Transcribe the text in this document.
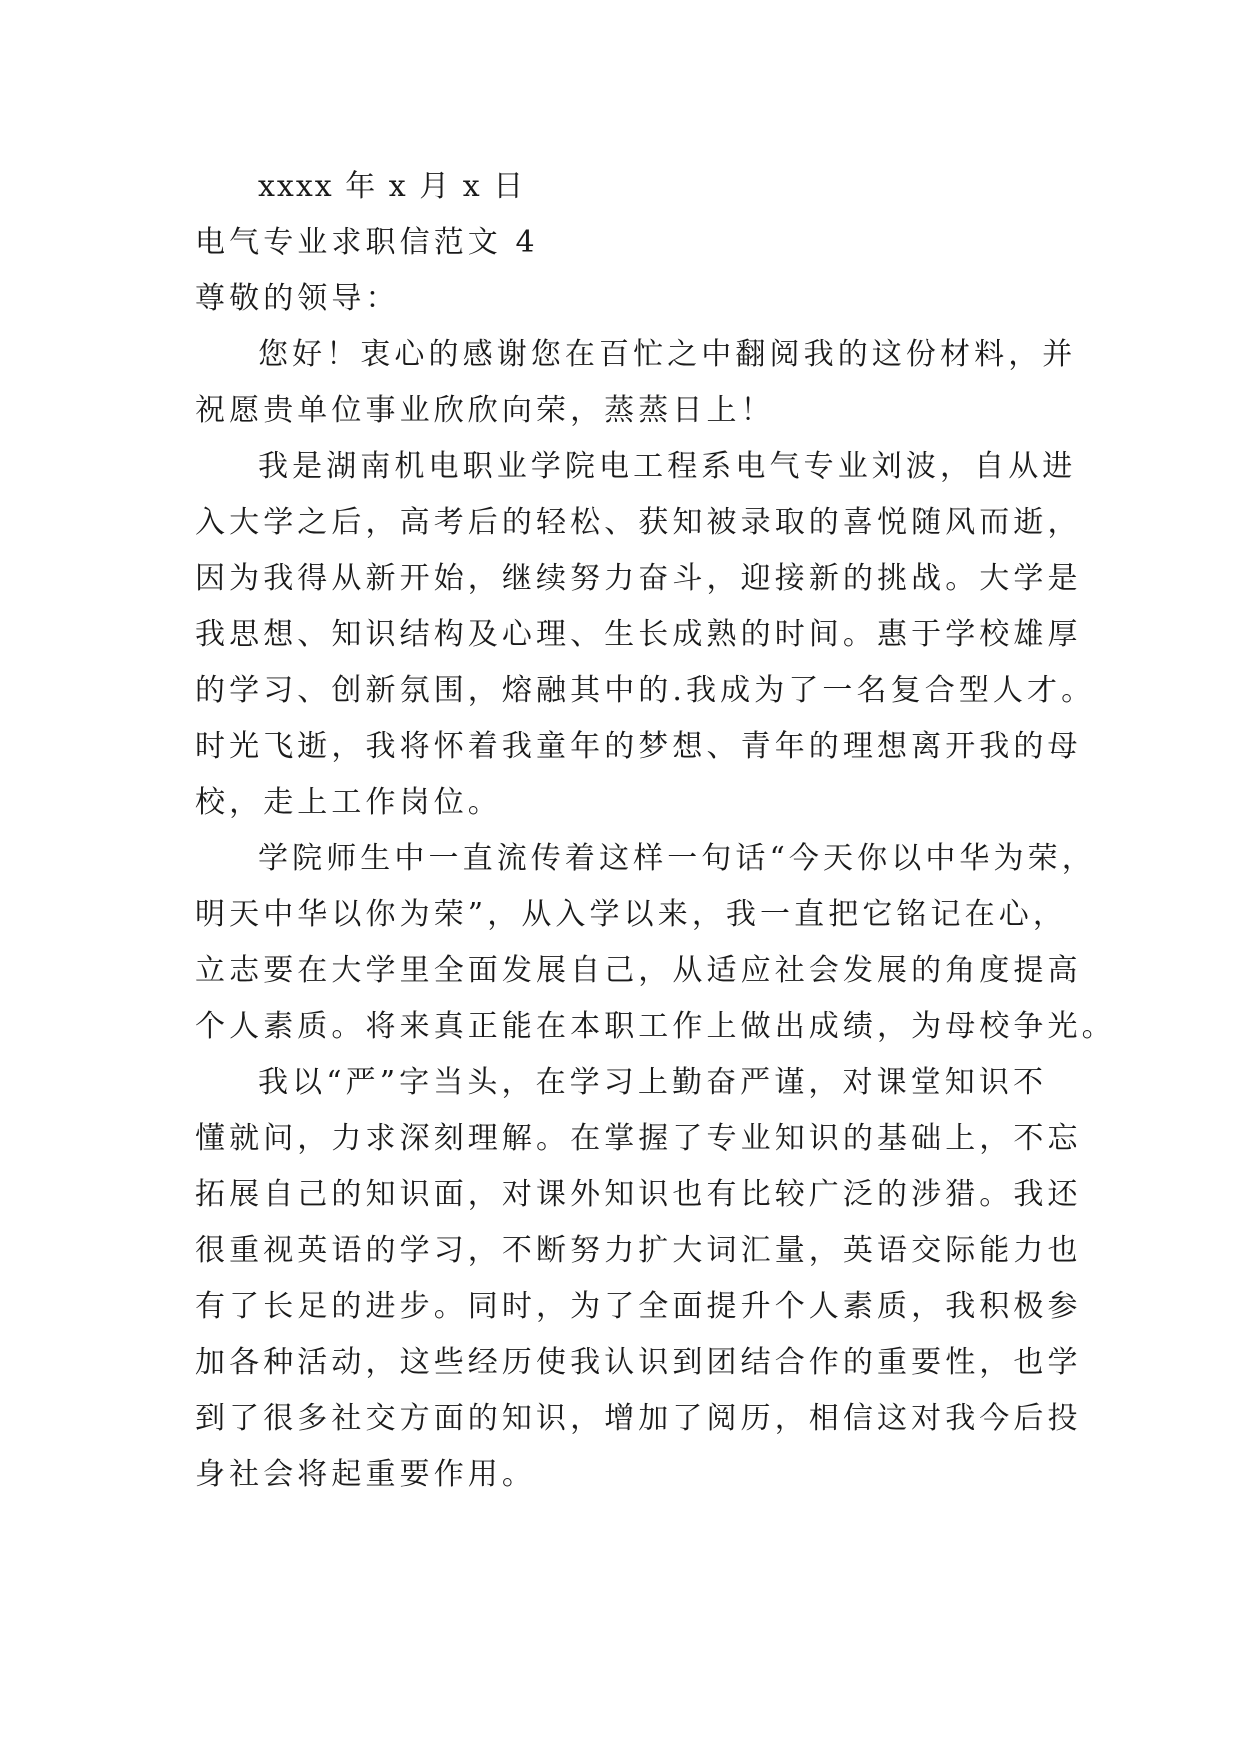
xxxx 年 x 月 x 日
电气专业求职信范文 4
尊敬的领导：
您好！衷心的感谢您在百忙之中翻阅我的这份材料，并
祝愿贵单位事业欣欣向荣，蒸蒸日上！
我是湖南机电职业学院电工程系电气专业刘波，自从进
入大学之后，高考后的轻松、获知被录取的喜悦随风而逝，
因为我得从新开始，继续努力奋斗，迎接新的挑战。大学是
我思想、知识结构及心理、生长成熟的时间。惠于学校雄厚
的学习、创新氛围，熔融其中的.我成为了一名复合型人才。
时光飞逝，我将怀着我童年的梦想、青年的理想离开我的母
校，走上工作岗位。
学院师生中一直流传着这样一句话“今天你以中华为荣，
明天中华以你为荣”，从入学以来，我一直把它铭记在心，
立志要在大学里全面发展自己，从适应社会发展的角度提高
个人素质。将来真正能在本职工作上做出成绩，为母校争光。
我以“严”字当头，在学习上勤奋严谨，对课堂知识不
懂就问，力求深刻理解。在掌握了专业知识的基础上，不忘
拓展自己的知识面，对课外知识也有比较广泛的涉猎。我还
很重视英语的学习，不断努力扩大词汇量，英语交际能力也
有了长足的进步。同时，为了全面提升个人素质，我积极参
加各种活动，这些经历使我认识到团结合作的重要性，也学
到了很多社交方面的知识，增加了阅历，相信这对我今后投
身社会将起重要作用。
